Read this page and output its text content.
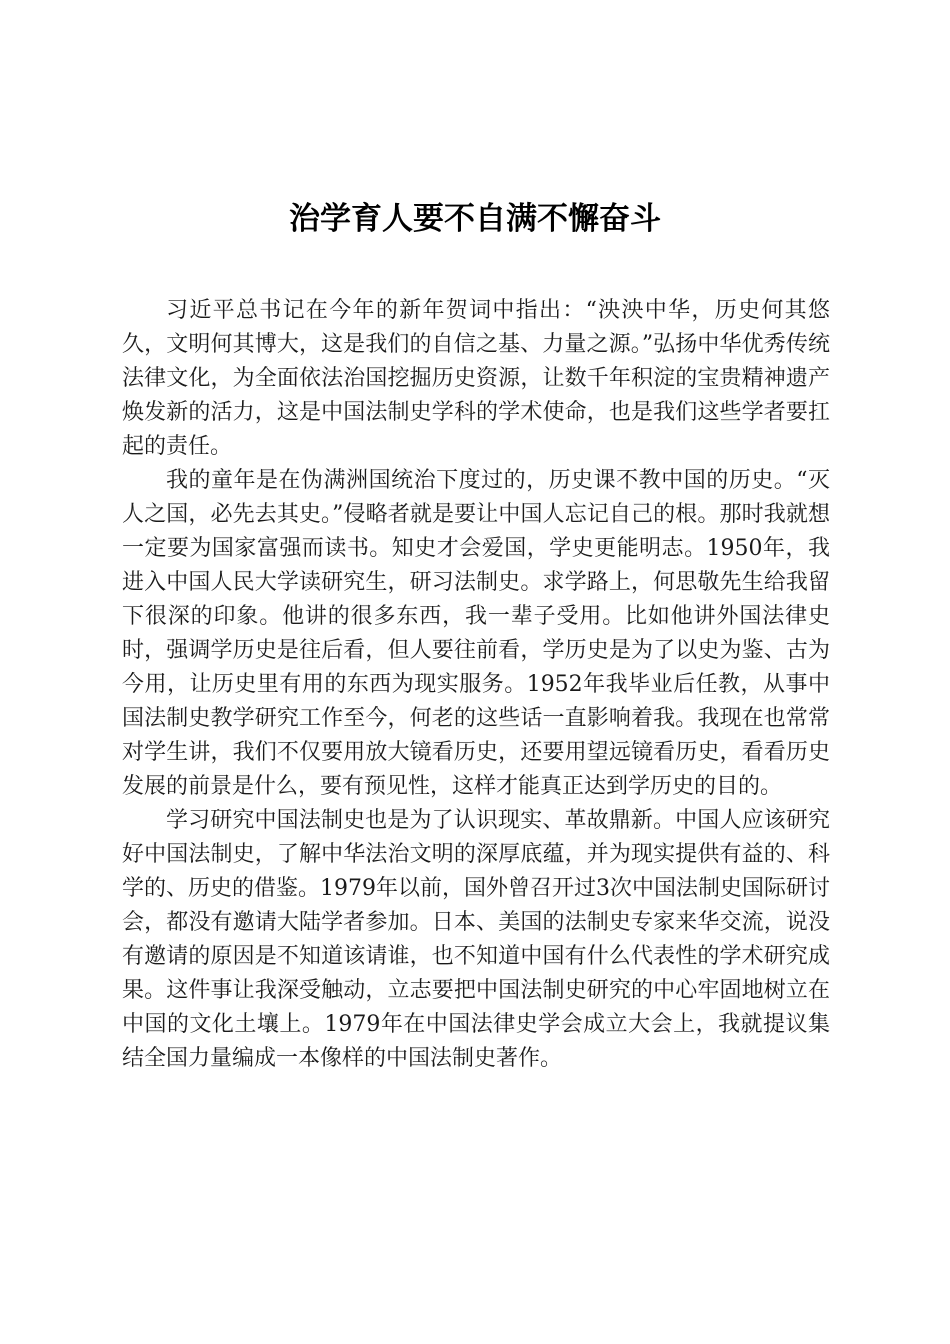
治学育人要不自满不懈奋斗

习近平总书记在今年的新年贺词中指出：“泱泱中华，历史何其悠久，文明何其博大，这是我们的自信之基、力量之源。”弘扬中华优秀传统法律文化，为全面依法治国挖掘历史资源，让数千年积淀的宝贵精神遗产焕发新的活力，这是中国法制史学科的学术使命，也是我们这些学者要扛起的责任。

我的童年是在伪满洲国统治下度过的，历史课不教中国的历史。“灭人之国，必先去其史。”侵略者就是要让中国人忘记自己的根。那时我就想一定要为国家富强而读书。知史才会爱国，学史更能明志。1950年，我进入中国人民大学读研究生，研习法制史。求学路上，何思敬先生给我留下很深的印象。他讲的很多东西，我一辈子受用。比如他讲外国法律史时，强调学历史是往后看，但人要往前看，学历史是为了以史为鉴、古为今用，让历史里有用的东西为现实服务。1952年我毕业后任教，从事中国法制史教学研究工作至今，何老的这些话一直影响着我。我现在也常常对学生讲，我们不仅要用放大镜看历史，还要用望远镜看历史，看看历史发展的前景是什么，要有预见性，这样才能真正达到学历史的目的。

学习研究中国法制史也是为了认识现实、革故鼎新。中国人应该研究好中国法制史，了解中华法治文明的深厚底蕴，并为现实提供有益的、科学的、历史的借鉴。1979年以前，国外曾召开过3次中国法制史国际研讨会，都没有邀请大陆学者参加。日本、美国的法制史专家来华交流，说没有邀请的原因是不知道该请谁，也不知道中国有什么代表性的学术研究成果。这件事让我深受触动，立志要把中国法制史研究的中心牢固地树立在中国的文化土壤上。1979年在中国法律史学会成立大会上，我就提议集结全国力量编成一本像样的中国法制史著作。
